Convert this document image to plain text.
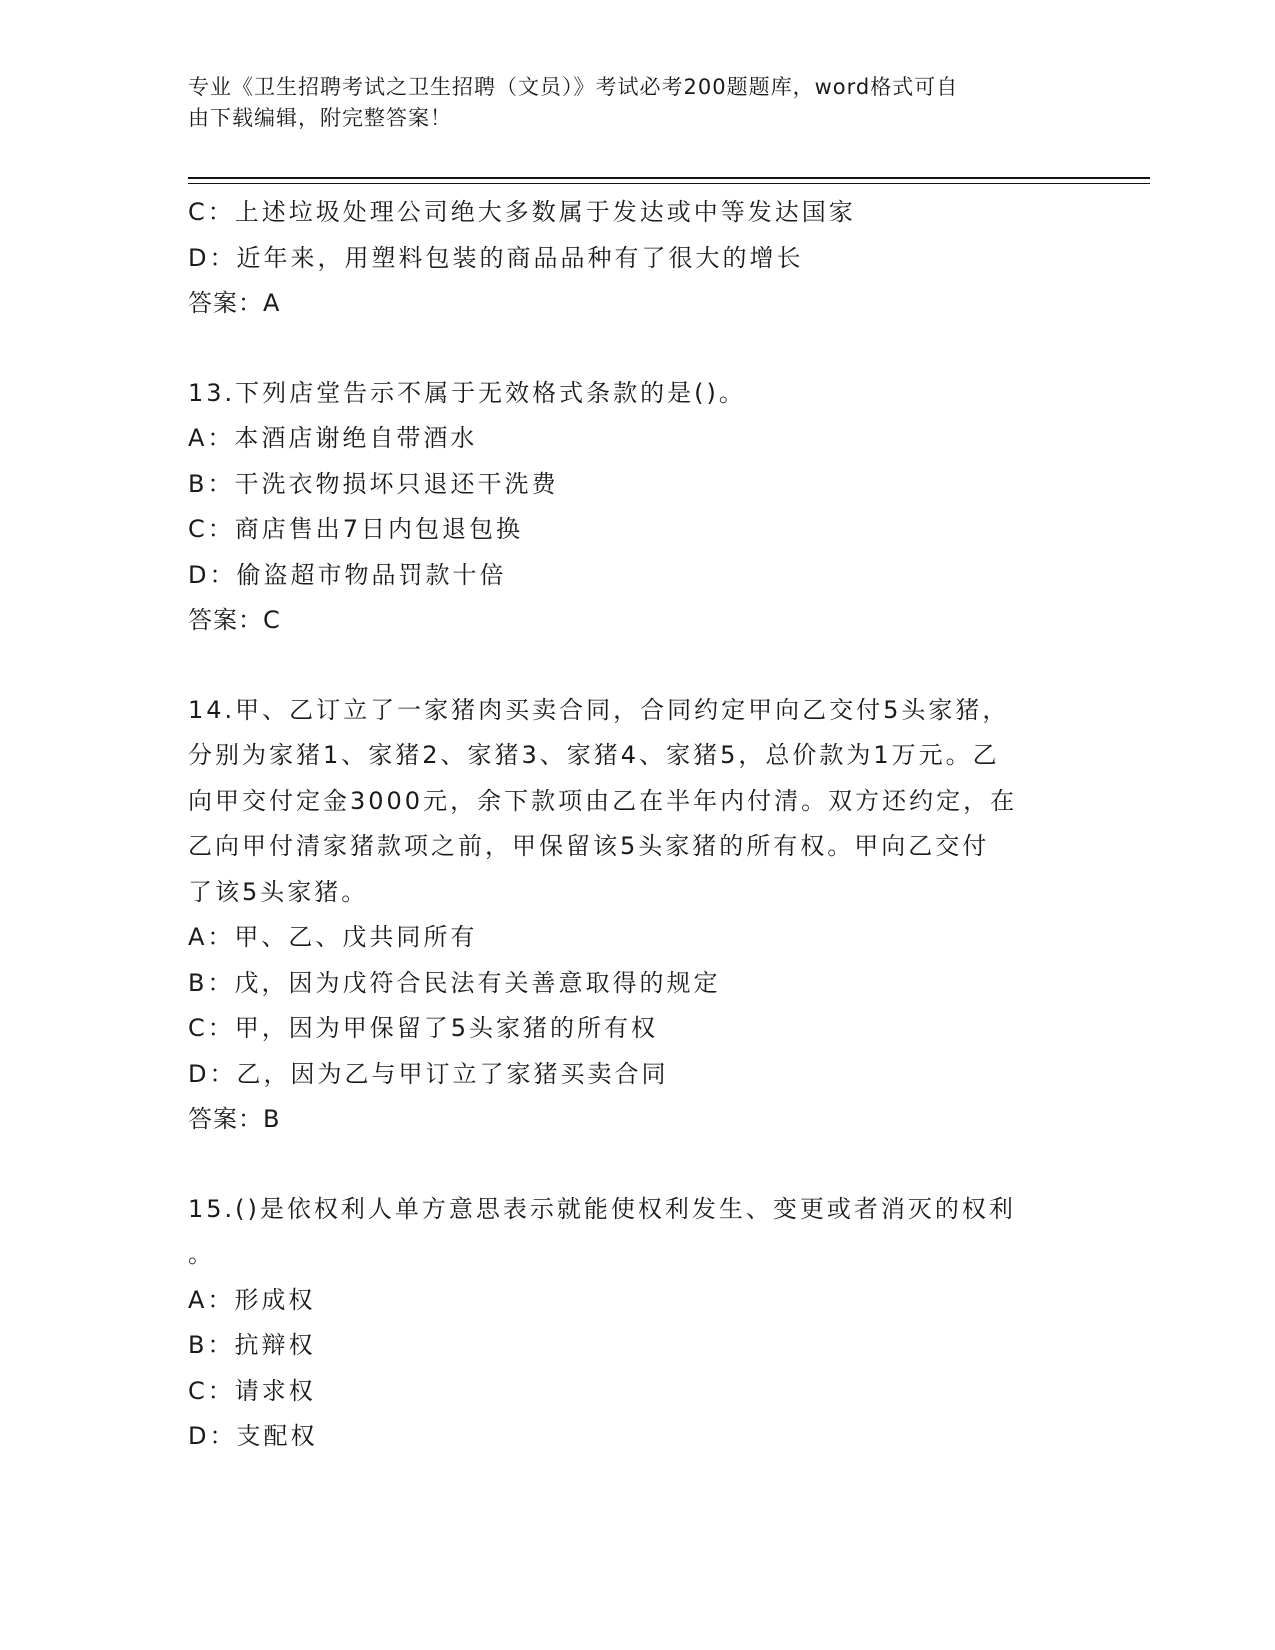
专业《卫生招聘考试之卫生招聘（文员）》考试必考200题题库，word格式可自
由下载编辑，附完整答案！
C：上述垃圾处理公司绝大多数属于发达或中等发达国家
D：近年来，用塑料包装的商品品种有了很大的增长
答案：A
13.下列店堂告示不属于无效格式条款的是()。
A：本酒店谢绝自带酒水
B：干洗衣物损坏只退还干洗费
C：商店售出7日内包退包换
D：偷盗超市物品罚款十倍
答案：C
14.甲、乙订立了一家猪肉买卖合同，合同约定甲向乙交付5头家猪，
分别为家猪1、家猪2、家猪3、家猪4、家猪5，总价款为1万元。乙
向甲交付定金3000元，余下款项由乙在半年内付清。双方还约定，在
乙向甲付清家猪款项之前，甲保留该5头家猪的所有权。甲向乙交付
了该5头家猪。
A：甲、乙、戊共同所有
B：戊，因为戊符合民法有关善意取得的规定
C：甲，因为甲保留了5头家猪的所有权
D：乙，因为乙与甲订立了家猪买卖合同
答案：B
15.()是依权利人单方意思表示就能使权利发生、变更或者消灭的权利
。
A：形成权
B：抗辩权
C：请求权
D：支配权
